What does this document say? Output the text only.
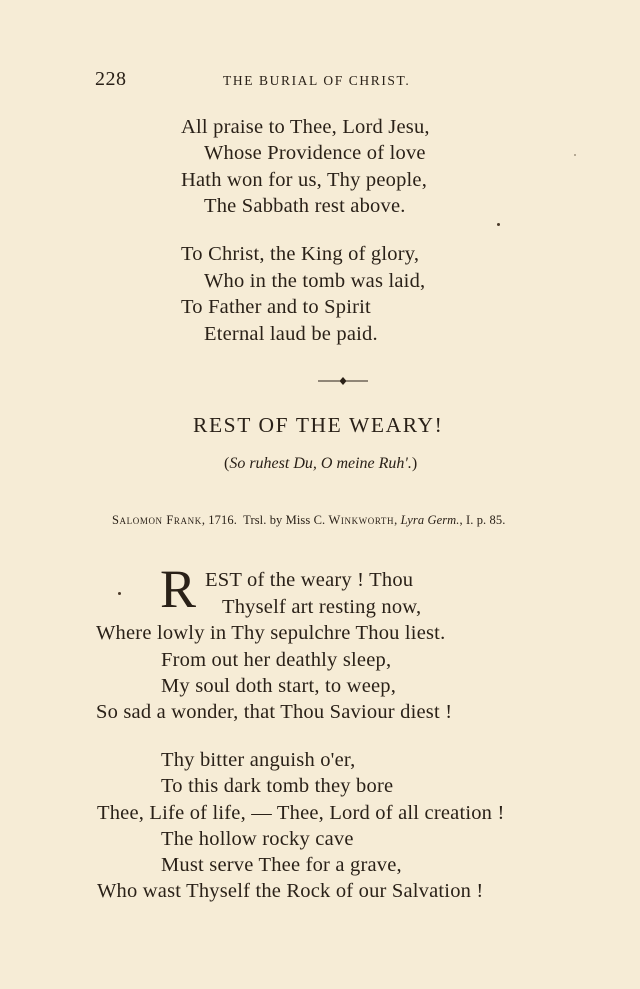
228	THE BURIAL OF CHRIST.
All praise to Thee, Lord Jesu,
Whose Providence of love
Hath won for us, Thy people,
The Sabbath rest above.
To Christ, the King of glory,
Who in the tomb was laid,
To Father and to Spirit
Eternal laud be paid.
REST OF THE WEARY!
(So ruhest Du, O meine Ruh'.)
Salomon Frank, 1716. Trsl. by Miss C. Winkworth, Lyra Germ., I. p. 85.
R EST of the weary ! Thou
Thyself art resting now,
Where lowly in Thy sepulchre Thou liest.
From out her deathly sleep,
My soul doth start, to weep,
So sad a wonder, that Thou Saviour diest !
Thy bitter anguish o'er,
To this dark tomb they bore
Thee, Life of life, — Thee, Lord of all creation !
The hollow rocky cave
Must serve Thee for a grave,
Who wast Thyself the Rock of our Salvation !
